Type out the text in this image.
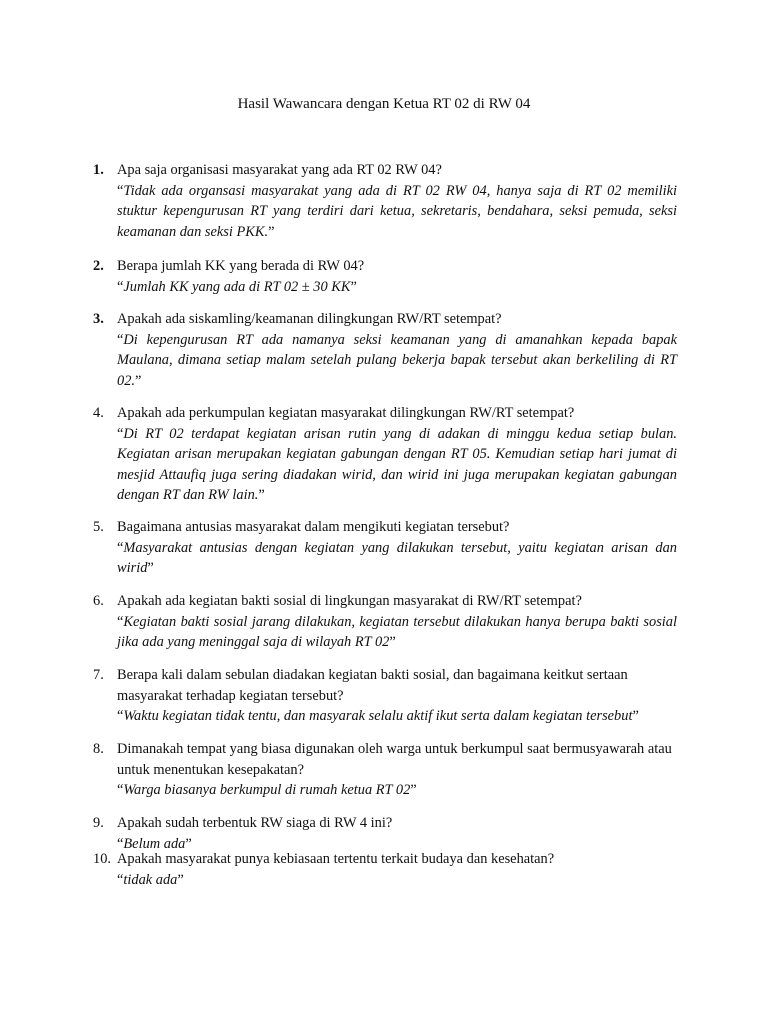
Hasil Wawancara dengan Ketua RT 02 di RW 04
1. Apa saja organisasi masyarakat yang ada RT 02 RW 04?
“Tidak ada organsasi masyarakat yang ada di RT 02 RW 04, hanya saja di RT 02 memiliki stuktur kepengurusan RT yang terdiri dari ketua, sekretaris, bendahara, seksi pemuda, seksi keamanan dan seksi PKK.”
2. Berapa jumlah KK yang berada di RW 04?
“Jumlah KK yang ada di RT 02 ± 30 KK”
3. Apakah ada siskamling/keamanan dilingkungan RW/RT setempat?
“Di kepengurusan RT ada namanya seksi keamanan yang di amanahkan kepada bapak Maulana, dimana setiap malam setelah pulang bekerja bapak tersebut akan berkeliling di RT 02.”
4. Apakah ada perkumpulan kegiatan masyarakat dilingkungan RW/RT setempat?
“Di RT 02 terdapat kegiatan arisan rutin yang di adakan di minggu kedua setiap bulan. Kegiatan arisan merupakan kegiatan gabungan dengan RT 05. Kemudian setiap hari jumat di mesjid Attaufiq juga sering diadakan wirid, dan wirid ini juga merupakan kegiatan gabungan dengan RT dan RW lain.”
5. Bagaimana antusias masyarakat dalam mengikuti kegiatan tersebut?
“Masyarakat antusias dengan kegiatan yang dilakukan tersebut, yaitu kegiatan arisan dan wirid”
6. Apakah ada kegiatan bakti sosial di lingkungan masyarakat di RW/RT setempat?
“Kegiatan bakti sosial jarang dilakukan, kegiatan tersebut dilakukan hanya berupa bakti sosial jika ada yang meninggal saja di wilayah RT 02”
7. Berapa kali dalam sebulan diadakan kegiatan bakti sosial, dan bagaimana keitkut sertaan masyarakat terhadap kegiatan tersebut?
“Waktu kegiatan tidak tentu, dan masyarak selalu aktif ikut serta dalam kegiatan tersebut”
8. Dimanakah tempat yang biasa digunakan oleh warga untuk berkumpul saat bermusyawarah atau untuk menentukan kesepakatan?
“Warga biasanya berkumpul di rumah ketua RT 02”
9. Apakah sudah terbentuk RW siaga di RW 4 ini?
“Belum ada”
10. Apakah masyarakat punya kebiasaan tertentu terkait budaya dan kesehatan?
“tidak ada”
